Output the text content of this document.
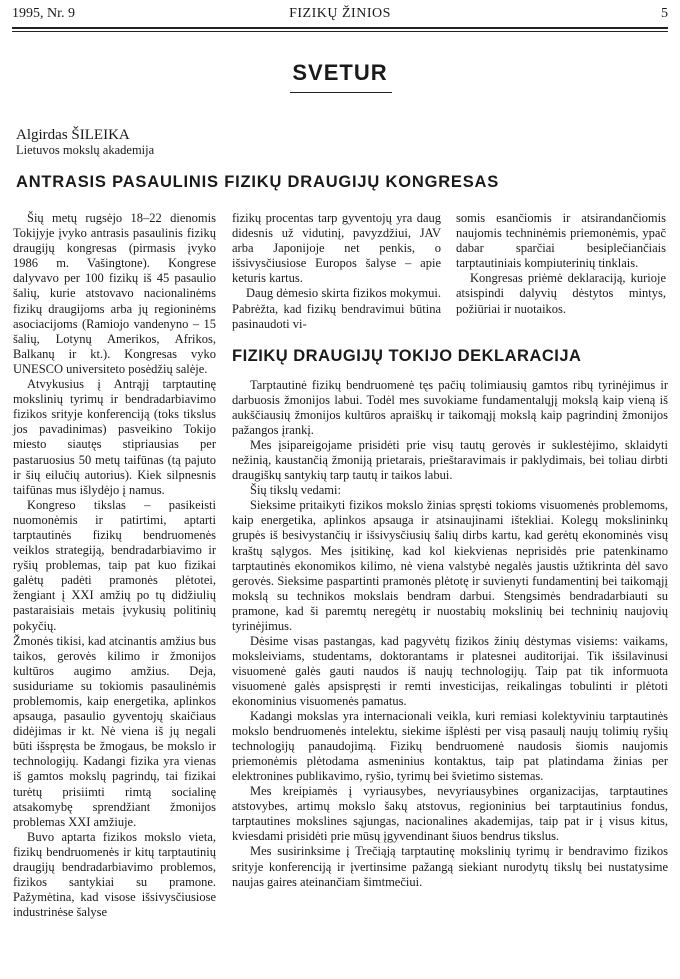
1995, Nr. 9	FIZIKŲ ŽINIOS	5
SVETUR
Algirdas ŠILEIKA
Lietuvos mokslų akademija
ANTRASIS PASAULINIS FIZIKŲ DRAUGIJŲ KONGRESAS

Šių metų rugsėjo 18–22 dienomis Tokijyje įvyko antrasis pasaulinis fizikų draugijų kongresas (pirmasis įvyko 1986 m. Vašingtone). Kongrese dalyvavo per 100 fizikų iš 45 pasaulio šalių, kurie atstovavo nacionalinėms fizikų draugijoms arba jų regioninėms asociacijoms (Ramiojo vandenyno – 15 šalių, Lotynų Amerikos, Afrikos, Balkanų ir kt.). Kongresas vyko UNESCO universiteto posėdžių salėje.

Atvykusius į Antrąjį tarptautinę mokslinių tyrimų ir bendradarbiavimo fizikos srityje konferenciją (toks tikslus jos pavadinimas) pasveikino Tokijo miesto siautęs stipriausias per pastaruosius 50 metų taifūnas (tą pajuto ir šių eilučių autorius). Kiek silpnesnis taifūnas mus išlydėjo į namus.

Kongreso tikslas – pasikeisti nuomonėmis ir patirtimi, aptarti tarptautinės fizikų bendruomenės veiklos strategiją, bendradarbiavimo ir ryšių problemas, taip pat kuo fizikai galėtų padėti pramonės plėtotei, žengiant į XXI amžių po tų didžiulių pastaraisiais metais įvykusių politinių pokyčių.

Žmonės tikisi, kad atcinantis amžius bus taikos, gerovės kilimo ir žmonijos kultūros augimo amžius. Deja, susiduriame su tokiomis pasaulinėmis problemomis, kaip energetika, aplinkos apsauga, pasaulio gyventojų skaičiaus didėjimas ir kt. Nė viena iš jų negali būti išspręsta be žmogaus, be mokslo ir technologijų. Kadangi fizika yra vienas iš gamtos mokslų pagrindų, tai fizikai turėtų prisiimti rimtą socialinę atsakomybę sprendžiant žmonijos problemas XXI amžiuje.

Buvo aptarta fizikos mokslo vieta, fizikų bendruomenės ir kitų tarptautinių draugijų bendradarbiavimo problemos, fizikos santykiai su pramone. Pažymėtina, kad visose išsivysčiusiose industrinėse šalyse

fizikų procentas tarp gyventojų yra daug didesnis už vidutinį, pavyzdžiui, JAV arba Japonijoje net penkis, o išsivysčiusiose Europos šalyse – apie keturis kartus.

Daug dėmesio skirta fizikos mokymui. Pabrėžta, kad fizikų bendravimui būtina pasinaudoti vi-

somis esančiomis ir atsirandančiomis naujomis techninėmis priemonėmis, ypač dabar sparčiai besiplečiančiais tarptautiniais kompiuterinių tinklais.

Kongresas priėmė deklaraciją, kurioje atsispindi dalyvių dėstytos mintys, požiūriai ir nuotaikos.

FIZIKŲ DRAUGIJŲ TOKIJO DEKLARACIJA

Tarptautinė fizikų bendruomenė tęs pačių tolimiausių gamtos ribų tyrinėjimus ir darbuosis žmonijos labui. Todėl mes suvokiame fundamentalųjį mokslą kaip vieną iš aukščiausių žmonijos kultūros apraiškų ir taikomąjį mokslą kaip pagrindinį žmonijos pažangos įrankį.

Mes įsipareigojame prisidėti prie visų tautų gerovės ir suklestėjimo, sklaidyti nežinią, kaustančią žmoniją prietarais, prieštaravimais ir paklydimais, bei toliau dirbti draugiškų santykių tarp tautų ir taikos labui.

Šių tikslų vedami:

Sieksime pritaikyti fizikos mokslo žinias spręsti tokioms visuomenės problemoms, kaip energetika, aplinkos apsauga ir atsinaujinami ištekliai. Kolegų mokslininkų grupės iš besivystančių ir išsivysčiusių šalių dirbs kartu, kad gerėtų ekonominės visų kraštų sąlygos. Mes įsitikinę, kad kol kiekvienas neprisidės prie patenkinamo tarptautinės ekonomikos kilimo, nė viena valstybė negalės jaustis užtikrinta dėl savo gerovės. Sieksime paspartinti pramonės plėtotę ir suvienyti fundamentinį bei taikomąjį mokslą su technikos mokslais bendram darbui. Stengsimės bendradarbiauti su pramone, kad ši paremtų neregėtų ir nuostabių mokslinių bei techninių naujovių tyrinėjimus.

Dėsime visas pastangas, kad pagyvėtų fizikos žinių dėstymas visiems: vaikams, moksleiviams, studentams, doktorantams ir platesnei auditorijai. Tik išsilavinusi visuomenė galės gauti naudos iš naujų technologijų. Taip pat tik informuota visuomenė galės apsispręsti ir remti investicijas, reikalingas tobulinti ir plėtoti ekonominius visuomenės pamatus.

Kadangi mokslas yra internacionali veikla, kuri remiasi kolektyviniu tarptautinės mokslo bendruomenės intelektu, siekime išplėsti per visą pasaulį naujų tolimių ryšių technologijų panaudojimą. Fizikų bendruomenė naudosis šiomis naujomis priemonėmis plėtodama asmeninius kontaktus, taip pat platindama žinias per elektronines publikavimo, ryšio, tyrimų bei švietimo sistemas.

Mes kreipiamės į vyriausybes, nevyriausybines organizacijas, tarptautines atstovybes, artimų mokslo šakų atstovus, regioninius bei tarptautinius fondus, tarptautines mokslines sąjungas, nacionalines akademijas, taip pat ir į visus kitus, kviesdami prisidėti prie mūsų įgyvendinant šiuos bendrus tikslus.

Mes susirinksime į Trečiąją tarptautinę mokslinių tyrimų ir bendravimo fizikos srityje konferenciją ir įvertinsime pažangą siekiant nurodytų tikslų bei nustatysime naujas gaires ateinančiam šimtmečiui.
